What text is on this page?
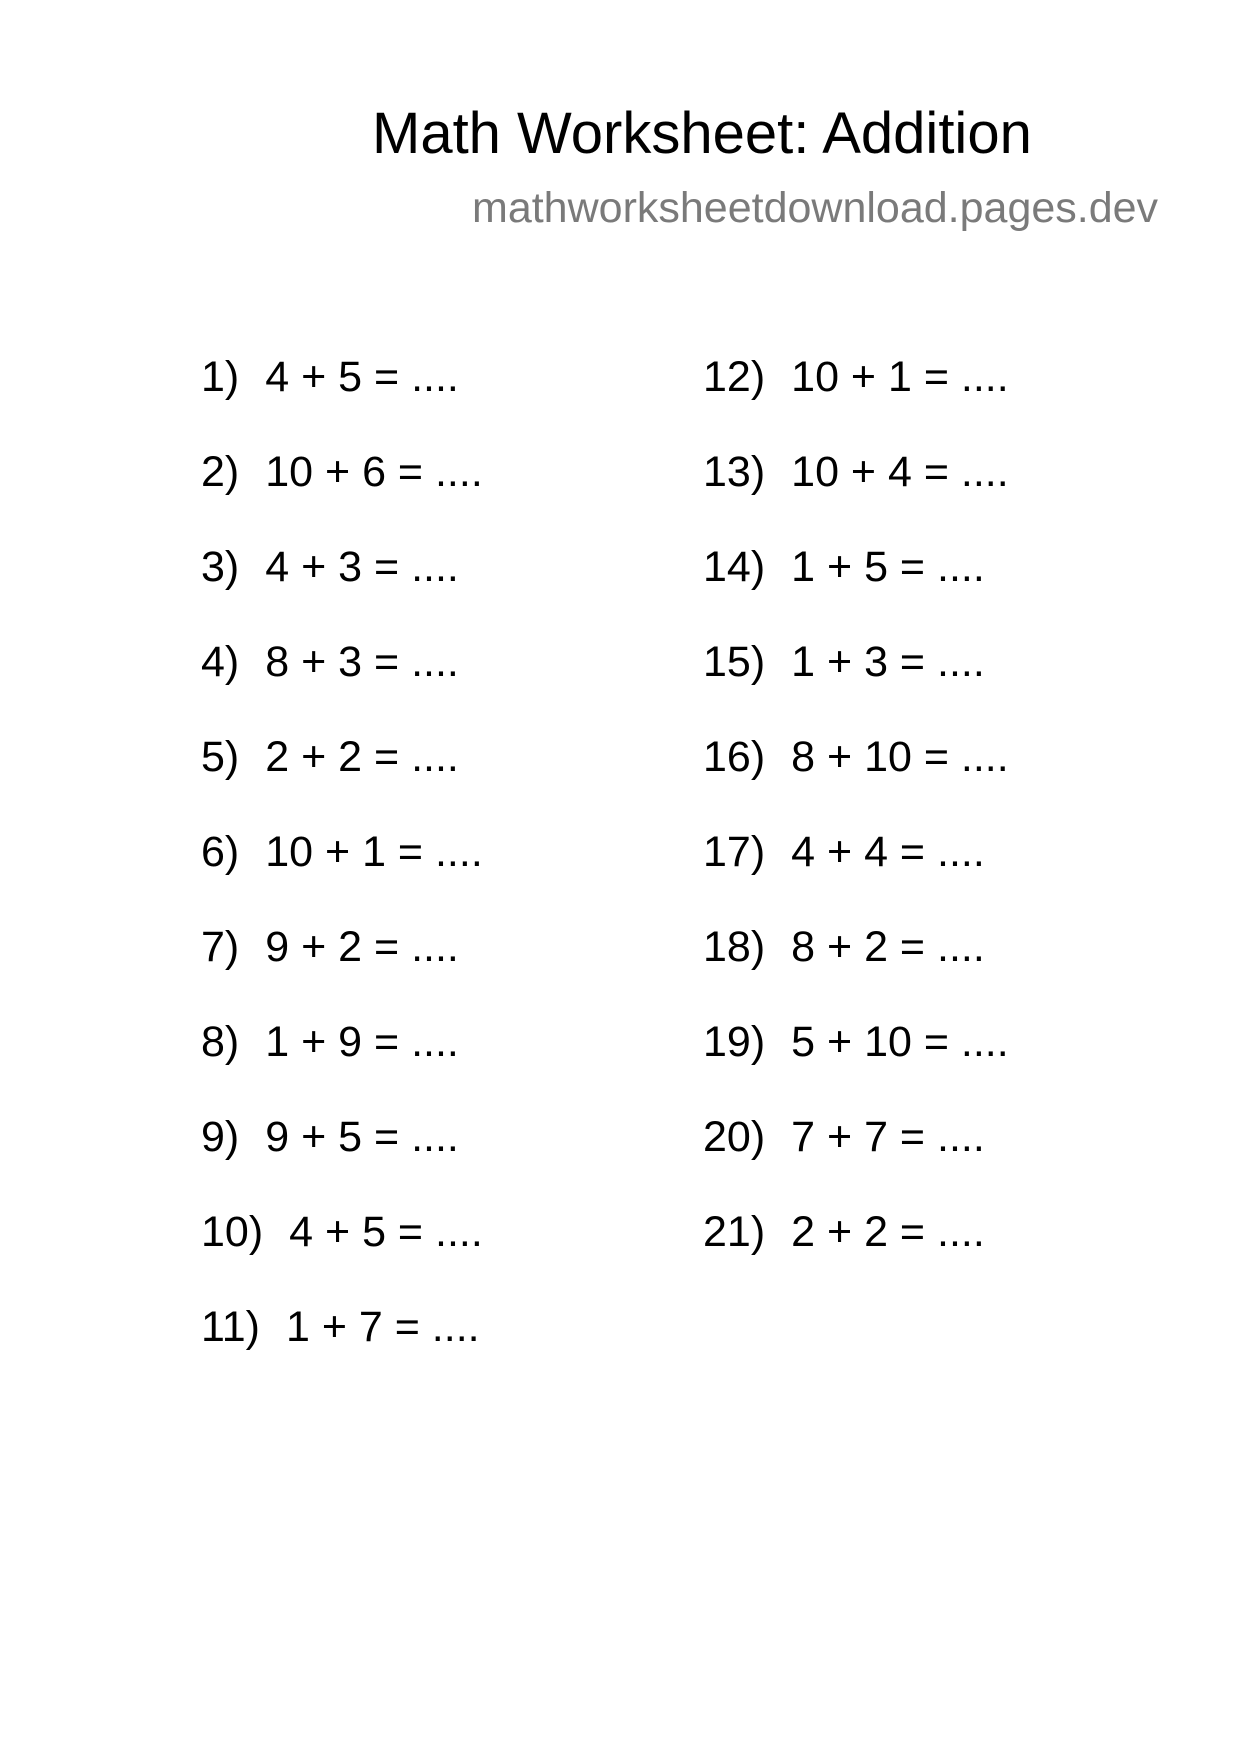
Math Worksheet: Addition
mathworksheetdownload.pages.dev
1) 4 + 5 = ....
2) 10 + 6 = ....
3) 4 + 3 = ....
4) 8 + 3 = ....
5) 2 + 2 = ....
6) 10 + 1 = ....
7) 9 + 2 = ....
8) 1 + 9 = ....
9) 9 + 5 = ....
10) 4 + 5 = ....
11) 1 + 7 = ....
12) 10 + 1 = ....
13) 10 + 4 = ....
14) 1 + 5 = ....
15) 1 + 3 = ....
16) 8 + 10 = ....
17) 4 + 4 = ....
18) 8 + 2 = ....
19) 5 + 10 = ....
20) 7 + 7 = ....
21) 2 + 2 = ....
